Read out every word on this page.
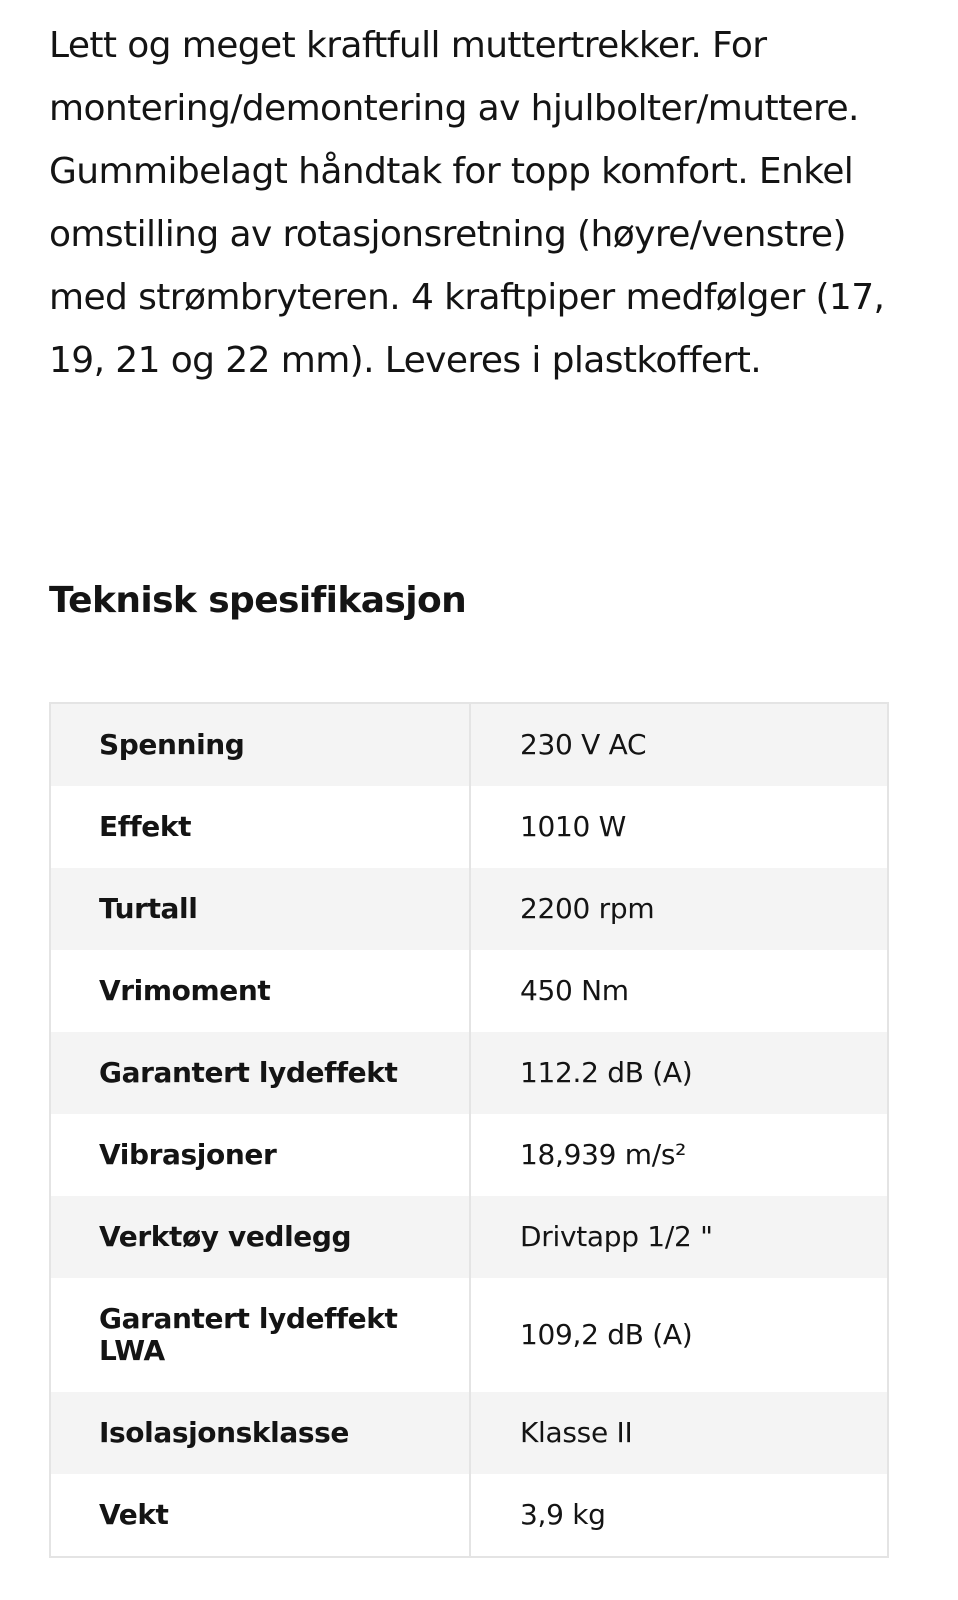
Lett og meget kraftfull muttertrekker. For montering/demontering av hjulbolter/muttere. Gummibelagt håndtak for topp komfort. Enkel omstilling av rotasjonsretning (høyre/venstre) med strømbryteren. 4 kraftpiper medfølger (17, 19, 21 og 22 mm). Leveres i plastkoffert.

Teknisk spesifikasjon
Spenning	230 V AC
Effekt	1010 W
Turtall	2200 rpm
Vrimoment	450 Nm
Garantert lydeffekt	112.2 dB (A)
Vibrasjoner	18,939 m/s²
Verktøy vedlegg	Drivtapp 1/2 "
Garantert lydeffekt LWA	109,2 dB (A)
Isolasjonsklasse	Klasse II
Vekt	3,9 kg
